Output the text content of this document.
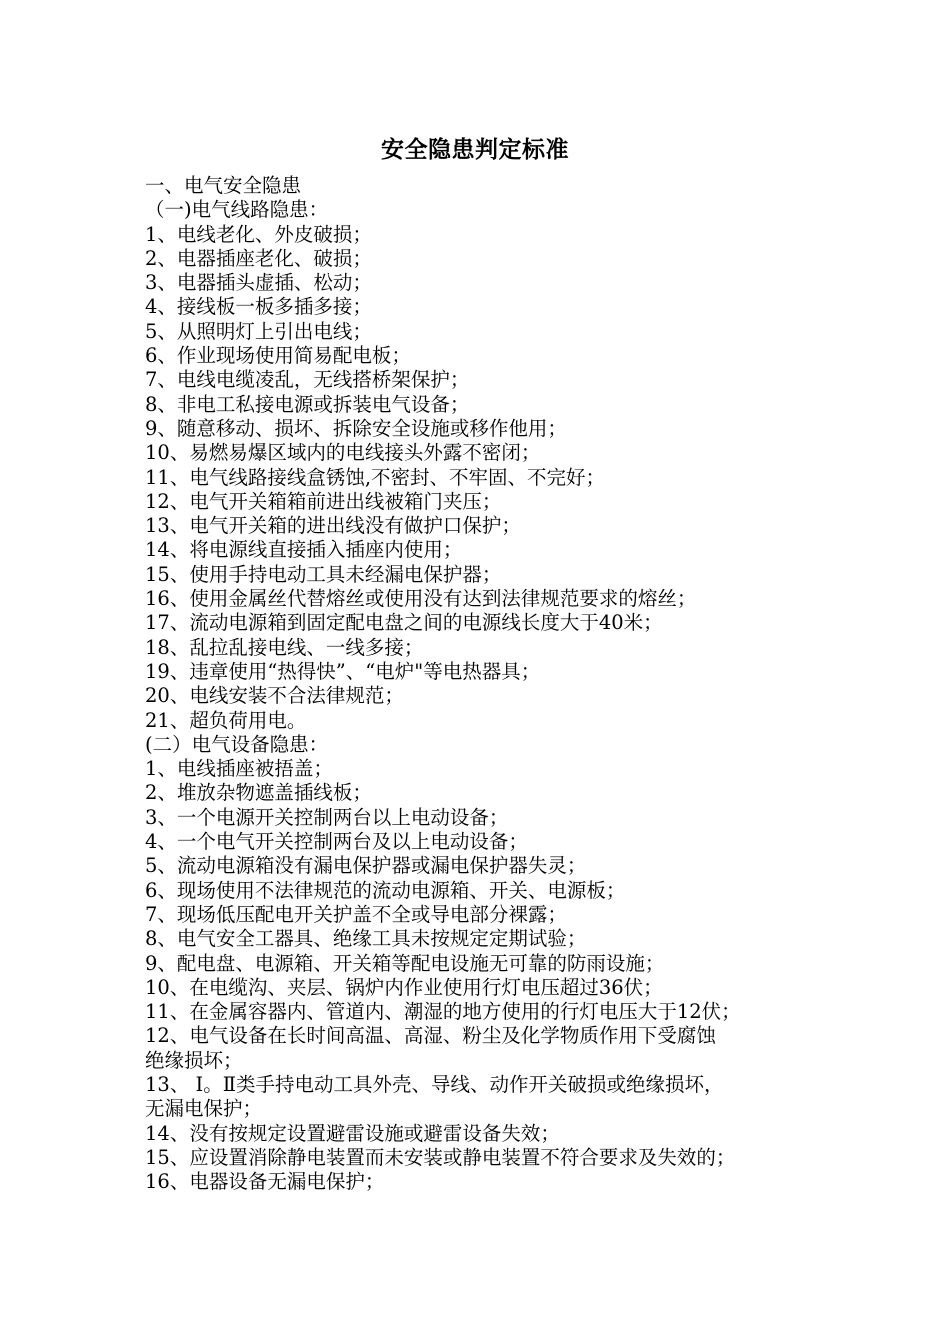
安全隐患判定标准
一、电气安全隐患
（一)电气线路隐患：
1、电线老化、外皮破损；
2、电器插座老化、破损；
3、电器插头虚插、松动；
4、接线板一板多插多接；
5、从照明灯上引出电线；
6、作业现场使用简易配电板；
7、电线电缆凌乱，无线搭桥架保护；
8、非电工私接电源或拆装电气设备；
9、随意移动、损坏、拆除安全设施或移作他用；
10、易燃易爆区域内的电线接头外露不密闭；
11、电气线路接线盒锈蚀,不密封、不牢固、不完好；
12、电气开关箱箱前进出线被箱门夹压；
13、电气开关箱的进出线没有做护口保护；
14、将电源线直接插入插座内使用；
15、使用手持电动工具未经漏电保护器；
16、使用金属丝代替熔丝或使用没有达到法律规范要求的熔丝；
17、流动电源箱到固定配电盘之间的电源线长度大于40米；
18、乱拉乱接电线、一线多接；
19、违章使用“热得快”、“电炉"等电热器具；
20、电线安装不合法律规范；
21、超负荷用电。
(二）电气设备隐患：
1、电线插座被捂盖；
2、堆放杂物遮盖插线板；
3、一个电源开关控制两台以上电动设备；
4、一个电气开关控制两台及以上电动设备；
5、流动电源箱没有漏电保护器或漏电保护器失灵；
6、现场使用不法律规范的流动电源箱、开关、电源板；
7、现场低压配电开关护盖不全或导电部分裸露；
8、电气安全工器具、绝缘工具未按规定定期试验；
9、配电盘、电源箱、开关箱等配电设施无可靠的防雨设施；
10、在电缆沟、夹层、锅炉内作业使用行灯电压超过36伏；
11、在金属容器内、管道内、潮湿的地方使用的行灯电压大于12伏；
12、电气设备在长时间高温、高湿、粉尘及化学物质作用下受腐蚀
绝缘损坏；
13、 Ⅰ。Ⅱ类手持电动工具外壳、导线、动作开关破损或绝缘损坏，
无漏电保护；
14、没有按规定设置避雷设施或避雷设备失效；
15、应设置消除静电装置而未安装或静电装置不符合要求及失效的；
16、电器设备无漏电保护；
